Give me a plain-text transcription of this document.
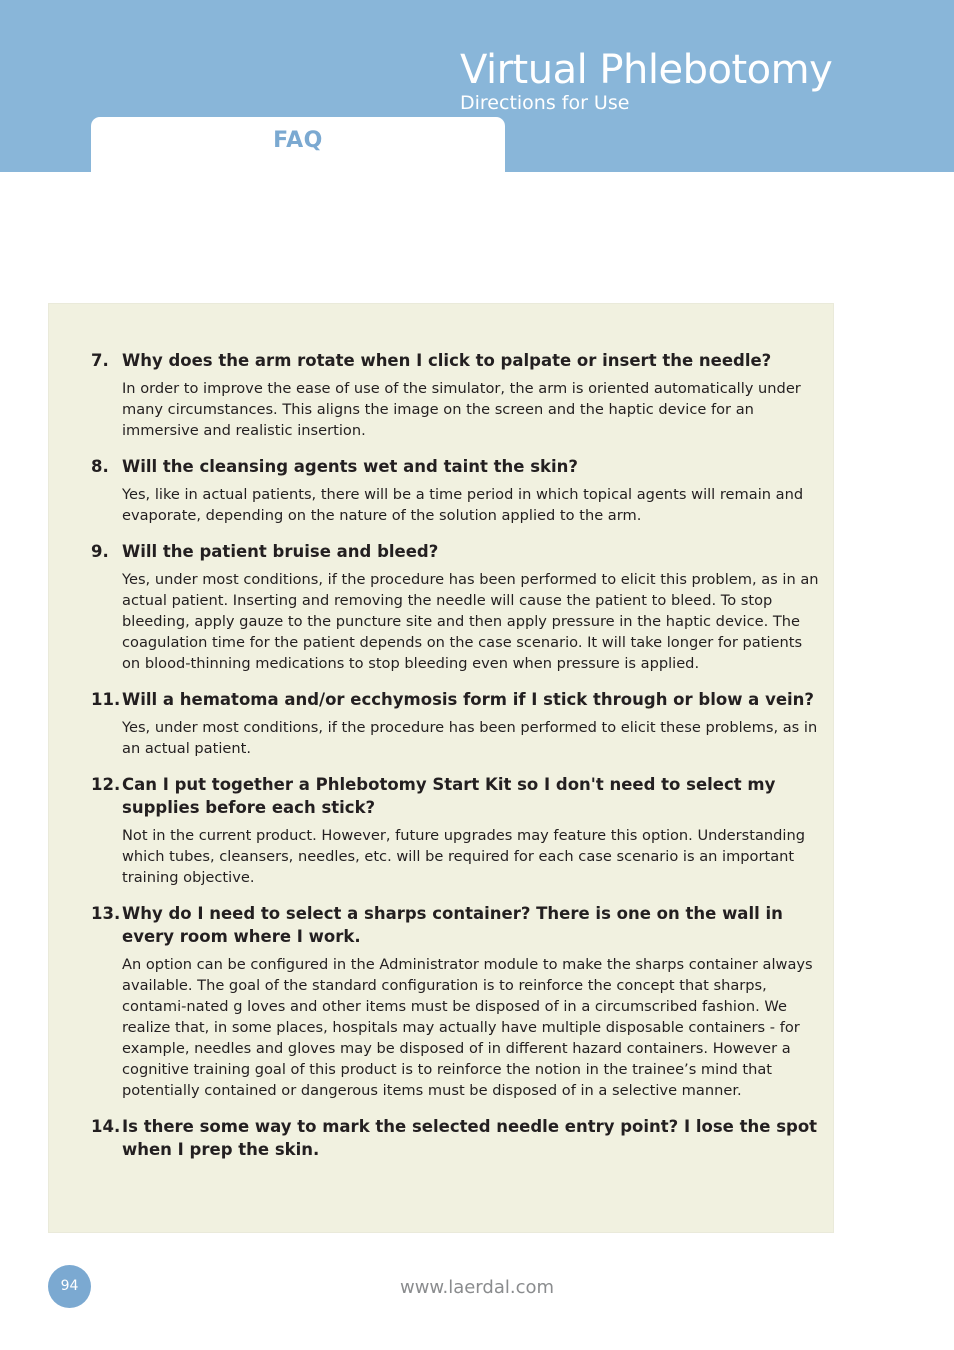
Virtual Phlebotomy
Directions for Use
FAQ
7. Why does the arm rotate when I click to palpate or insert the needle?
In order to improve the ease of use of the simulator, the arm is oriented automatically under many circumstances. This aligns the image on the screen and the haptic device for an immersive and realistic insertion.
8. Will the cleansing agents wet and taint the skin?
Yes, like in actual patients, there will be a time period in which topical agents will remain and evaporate, depending on the nature of the solution applied to the arm.
9. Will the patient bruise and bleed?
Yes, under most conditions, if the procedure has been performed to elicit this problem, as in an actual patient. Inserting and removing the needle will cause the patient to bleed. To stop bleeding, apply gauze to the puncture site and then apply pressure in the haptic device. The coagulation time for the patient depends on the case scenario. It will take longer for patients on blood-thinning medications to stop bleeding even when pressure is applied.
11. Will a hematoma and/or ecchymosis form if I stick through or blow a vein?
Yes, under most conditions, if the procedure has been performed to elicit these problems, as in an actual patient.
12. Can I put together a Phlebotomy Start Kit so I don't need to select my supplies before each stick?
Not in the current product. However, future upgrades may feature this option. Understanding which tubes, cleansers, needles, etc. will be required for each case scenario is an important training objective.
13. Why do I need to select a sharps container? There is one on the wall in every room where I work.
An option can be configured in the Administrator module to make the sharps container always available. The goal of the standard configuration is to reinforce the concept that sharps, contami-nated g loves and other items must be disposed of in a circumscribed fashion. We realize that, in some places, hospitals may actually have multiple disposable containers - for example, needles and gloves may be disposed of in different hazard containers. However a cognitive training goal of this product is to reinforce the notion in the trainee’s mind that potentially contained or dangerous items must be disposed of in a selective manner.
14. Is there some way to mark the selected needle entry point? I lose the spot when I prep the skin.
94	www.laerdal.com
